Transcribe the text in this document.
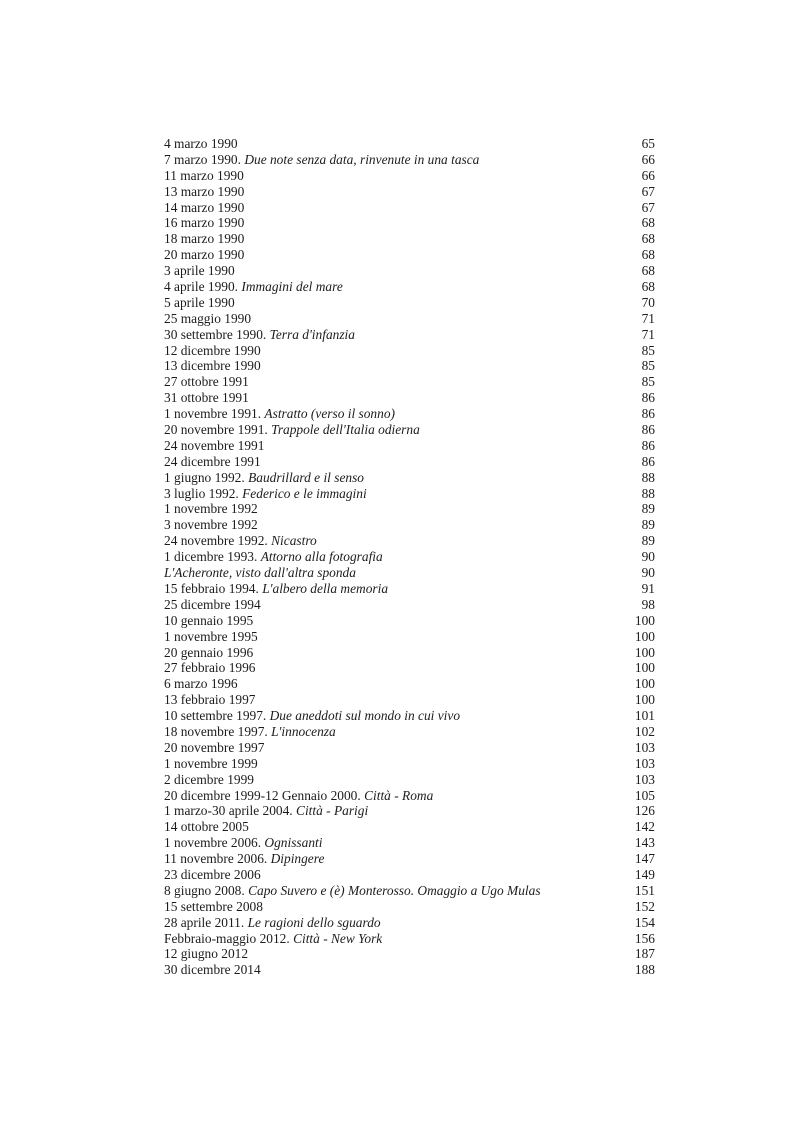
4 marzo 1990	65
7 marzo 1990. Due note senza data, rinvenute in una tasca	66
11 marzo 1990	66
13 marzo 1990	67
14 marzo 1990	67
16 marzo 1990	68
18 marzo 1990	68
20 marzo 1990	68
3 aprile 1990	68
4 aprile 1990. Immagini del mare	68
5 aprile 1990	70
25 maggio 1990	71
30 settembre 1990. Terra d'infanzia	71
12 dicembre 1990	85
13 dicembre 1990	85
27 ottobre 1991	85
31 ottobre 1991	86
1 novembre 1991. Astratto (verso il sonno)	86
20 novembre 1991. Trappole dell'Italia odierna	86
24 novembre 1991	86
24 dicembre 1991	86
1 giugno 1992. Baudrillard e il senso	88
3 luglio 1992. Federico e le immagini	88
1 novembre 1992	89
3 novembre 1992	89
24 novembre 1992. Nicastro	89
1 dicembre 1993. Attorno alla fotografia	90
L'Acheronte, visto dall'altra sponda	90
15 febbraio 1994. L'albero della memoria	91
25 dicembre 1994	98
10 gennaio 1995	100
1 novembre 1995	100
20 gennaio 1996	100
27 febbraio 1996	100
6 marzo 1996	100
13 febbraio 1997	100
10 settembre 1997. Due aneddoti sul mondo in cui vivo	101
18 novembre 1997. L'innocenza	102
20 novembre 1997	103
1 novembre 1999	103
2 dicembre 1999	103
20 dicembre 1999-12 Gennaio 2000. Città - Roma	105
1 marzo-30 aprile 2004. Città - Parigi	126
14 ottobre 2005	142
1 novembre 2006. Ognissanti	143
11 novembre 2006. Dipingere	147
23 dicembre 2006	149
8 giugno 2008. Capo Suvero e (è) Monterosso. Omaggio a Ugo Mulas	151
15 settembre 2008	152
28 aprile 2011. Le ragioni dello sguardo	154
Febbraio-maggio 2012. Città - New York	156
12 giugno 2012	187
30 dicembre 2014	188
